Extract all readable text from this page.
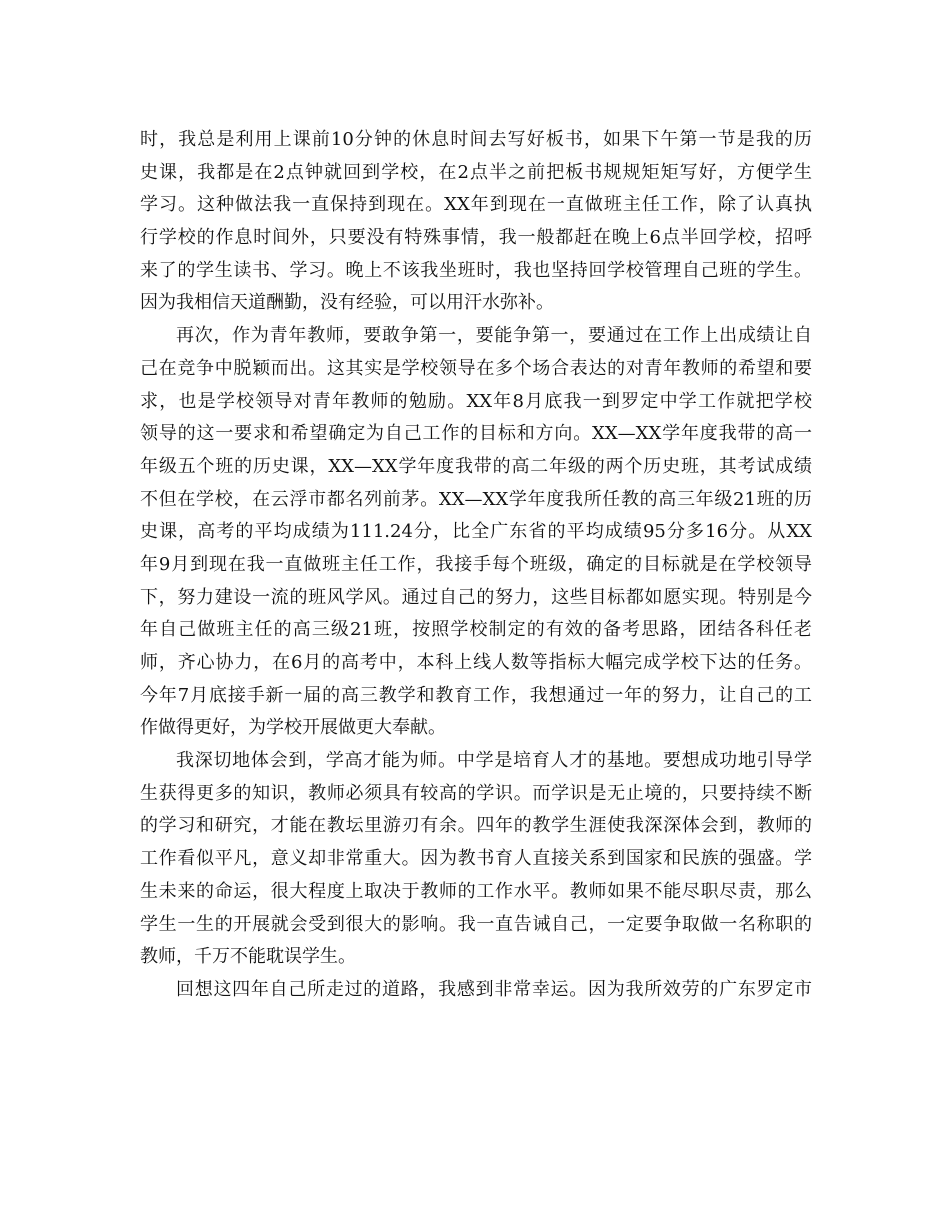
时，我总是利用上课前10分钟的休息时间去写好板书，如果下午第一节是我的历
史课，我都是在2点钟就回到学校，在2点半之前把板书规规矩矩写好，方便学生
学习。这种做法我一直保持到现在。XX年到现在一直做班主任工作，除了认真执
行学校的作息时间外，只要没有特殊事情，我一般都赶在晚上6点半回学校，招呼
来了的学生读书、学习。晚上不该我坐班时，我也坚持回学校管理自己班的学生。
因为我相信天道酬勤，没有经验，可以用汗水弥补。
再次，作为青年教师，要敢争第一，要能争第一，要通过在工作上出成绩让自
己在竞争中脱颖而出。这其实是学校领导在多个场合表达的对青年教师的希望和要
求，也是学校领导对青年教师的勉励。XX年8月底我一到罗定中学工作就把学校
领导的这一要求和希望确定为自己工作的目标和方向。XX—XX学年度我带的高一
年级五个班的历史课，XX—XX学年度我带的高二年级的两个历史班，其考试成绩
不但在学校，在云浮市都名列前茅。XX—XX学年度我所任教的高三年级21班的历
史课，高考的平均成绩为111.24分，比全广东省的平均成绩95分多16分。从XX
年9月到现在我一直做班主任工作，我接手每个班级，确定的目标就是在学校领导
下，努力建设一流的班风学风。通过自己的努力，这些目标都如愿实现。特别是今
年自己做班主任的高三级21班，按照学校制定的有效的备考思路，团结各科任老
师，齐心协力，在6月的高考中，本科上线人数等指标大幅完成学校下达的任务。
今年7月底接手新一届的高三教学和教育工作，我想通过一年的努力，让自己的工
作做得更好，为学校开展做更大奉献。
我深切地体会到，学高才能为师。中学是培育人才的基地。要想成功地引导学
生获得更多的知识，教师必须具有较高的学识。而学识是无止境的，只要持续不断
的学习和研究，才能在教坛里游刃有余。四年的教学生涯使我深深体会到，教师的
工作看似平凡，意义却非常重大。因为教书育人直接关系到国家和民族的强盛。学
生未来的命运，很大程度上取决于教师的工作水平。教师如果不能尽职尽责，那么
学生一生的开展就会受到很大的影响。我一直告诫自己，一定要争取做一名称职的
教师，千万不能耽误学生。
回想这四年自己所走过的道路，我感到非常幸运。因为我所效劳的广东罗定市
